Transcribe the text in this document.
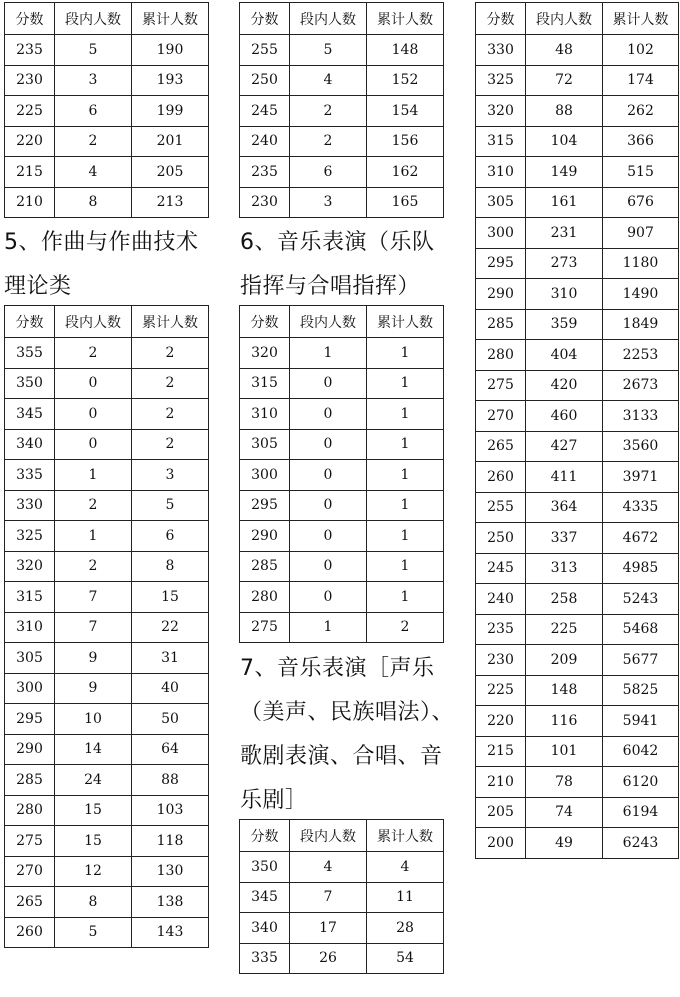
分数	段内人数	累计人数
235	5	190
230	3	193
225	6	199
220	2	201
215	4	205
210	8	213
分数	段内人数	累计人数
255	5	148
250	4	152
245	2	154
240	2	156
235	6	162
230	3	165
分数	段内人数	累计人数
330	48	102
325	72	174
320	88	262
315	104	366
310	149	515
305	161	676
300	231	907
295	273	1180
290	310	1490
285	359	1849
280	404	2253
275	420	2673
270	460	3133
265	427	3560
260	411	3971
255	364	4335
250	337	4672
245	313	4985
240	258	5243
235	225	5468
230	209	5677
225	148	5825
220	116	5941
215	101	6042
210	78	6120
205	74	6194
200	49	6243
5、作曲与作曲技术
理论类
分数	段内人数	累计人数
355	2	2
350	0	2
345	0	2
340	0	2
335	1	3
330	2	5
325	1	6
320	2	8
315	7	15
310	7	22
305	9	31
300	9	40
295	10	50
290	14	64
285	24	88
280	15	103
275	15	118
270	12	130
265	8	138
260	5	143
6、音乐表演（乐队
指挥与合唱指挥）
分数	段内人数	累计人数
320	1	1
315	0	1
310	0	1
305	0	1
300	0	1
295	0	1
290	0	1
285	0	1
280	0	1
275	1	2
7、音乐表演［声乐
（美声、民族唱法）、
歌剧表演、合唱、音
乐剧］
分数	段内人数	累计人数
350	4	4
345	7	11
340	17	28
335	26	54
